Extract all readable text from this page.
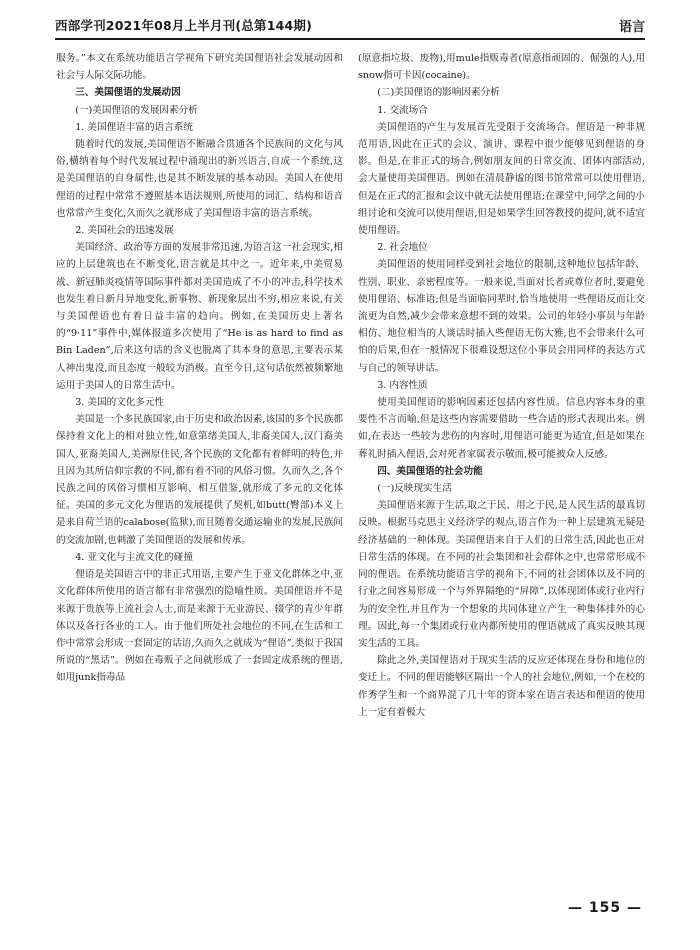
西部学刊2021年08月上半月刊(总第144期)	语言

服务。”本文在系统功能语言学视角下研究美国俚语社会发展动因和社会与人际交际功能。

三、美国俚语的发展动因
(一)美国俚语的发展因素分析
1. 美国俚语丰富的语言系统

随着时代的发展,美国俚语不断融合贯通各个民族间的文化与风俗,横纳着每个时代发展过程中涌现出的新兴语言,自成一个系统,这是美国俚语的自身属性,也是其不断发展的基本动因。美国人在使用俚语的过程中常常不遵照基本语法规则,所使用的词汇、结构和语音也常常产生变化,久而久之就形成了美国俚语丰富的语言系统。

2. 美国社会的迅速发展

美国经济、政治等方面的发展非常迅速,为语言这一社会现实,相应的上层建筑也在不断变化,语言就是其中之一。近年来,中美贸易战、新冠肺炎疫情等国际事件都对美国造成了不小的冲击,科学技术也发生着日新月异地变化,新事物、新现象层出不穷,相应来说,有关与美国俚语也有着日益丰富的趋向。例如,在美国历史上著名的“9·11”事件中,媒体报道多次使用了“He is as hard to find as Bin Laden”,后来这句话的含义也脱离了其本身的意思,主要表示某人神出鬼没,而且态度一般较为消极。直至今日,这句话依然被频繁地运用于美国人的日常生活中。

3. 美国的文化多元性

美国是一个多民族国家,由于历史和政治因素,该国的多个民族都保持着文化上的相对独立性,如意第绪美国人,非裔美国人,汉门裔美国人,亚裔美国人,美洲原住民,各个民族的文化都有着鲜明的特色,并且因为其所信仰宗教的不同,都有着不同的风俗习惯。久而久之,各个民族之间的风俗习惯相互影响、相互借鉴,就形成了多元的文化体征。美国的多元文化为俚语的发展提供了契机,如butt(臀部)本义上是来自荷兰语的calabose(监狱),而且随着交通运输业的发展,民族间的交流加剧,也刺激了美国俚语的发展和传承。

4. 亚文化与主流文化的碰撞

俚语是美国语言中的非正式用语,主要产生于亚文化群体之中,亚文化群体所使用的语言都有非常强烈的隐喻性质。美国俚语并不是来源于贵族等上流社会人士,而是来源于无业游民、辍学的青少年群体以及各行各业的工人。由于他们所处社会地位的不同,在生活和工作中常常会形成一套固定的话语,久而久之就成为“俚语”,类似于我国所说的“黑话”。例如在毒贩子之间就形成了一套固定成系统的俚语,如用junk指毒品

(原意指垃圾、废物),用mule指贩毒者(原意指顽固的、倔强的人),用snow指可卡因(cocaine)。

(二)美国俚语的影响因素分析
1. 交流场合

美国俚语的产生与发展首先受限于交流场合。俚语是一种非规范用语,因此在正式的会议、演讲、课程中很少能够见到俚语的身影。但是,在非正式的场合,例如朋友间的日常交流、团体内部活动,会大量使用美国俚语。例如在清晨静谧的图书馆常常可以使用俚语,但是在正式的汇报和会议中就无法使用俚语;在课堂中,同学之间的小组讨论和交流可以使用俚语,但是如果学生回答教授的提问,就不适宜使用俚语。

2. 社会地位

美国俚语的使用同样受到社会地位的限制,这种地位包括年龄、性别、职业、亲密程度等。一般来说,当面对长者或尊位者时,要避免使用俚语、标准语;但是当面临同辈时,恰当地使用一些俚语反而让交流更为自然,减少会带来意想不到的效果。公司的年轻小事员与年龄相仿、地位相当的人谈话时插入些俚语无伤大雅,也不会带来什么可怕的后果,但在一般情况下很难设想这位小事员会用同样的表达方式与自己的领导讲话。

3. 内容性质

使用美国俚语的影响因素还包括内容性质。信息内容本身的重要性不言而喻,但是这些内容需要借助一些合适的形式表现出来。例如,在表达一些较为悲伤的内容时,用俚语可能更为适宜,但是如果在葬礼时插入俚语,会对死者家属表示敬而,极可能被众人反感。

四、美国俚语的社会功能
(一)反映现实生活

美国俚语来源于生活,取之于民、用之于民,是人民生活的最真切反映。根据马克思主义经济学的观点,语言作为一种上层建筑无疑是经济基础的一种体现。美国俚语来自于人们的日常生活,因此也正对日常生活的体现。在不同的社会集团和社会群体之中,也常常形成不同的俚语。在系统功能语言学的视角下,不同的社会团体以及不同的行业之间容易形成一个与外界隔绝的“屏障”,以体现团体或行业内行为的安全性,并且作为一个想象的共同体建立产生一种集体排外的心理。因此,每一个集团或行业内都所使用的俚语就成了真实反映其现实生活的工具。

除此之外,美国俚语对于现实生活的反应还体现在身份和地位的变迁上。不同的俚语能够区隔出一个人的社会地位,例如,一个在校的作秀学生和一个商界混了几十年的资本家在语言表达和俚语的使用上一定有着极大

— 155 —
